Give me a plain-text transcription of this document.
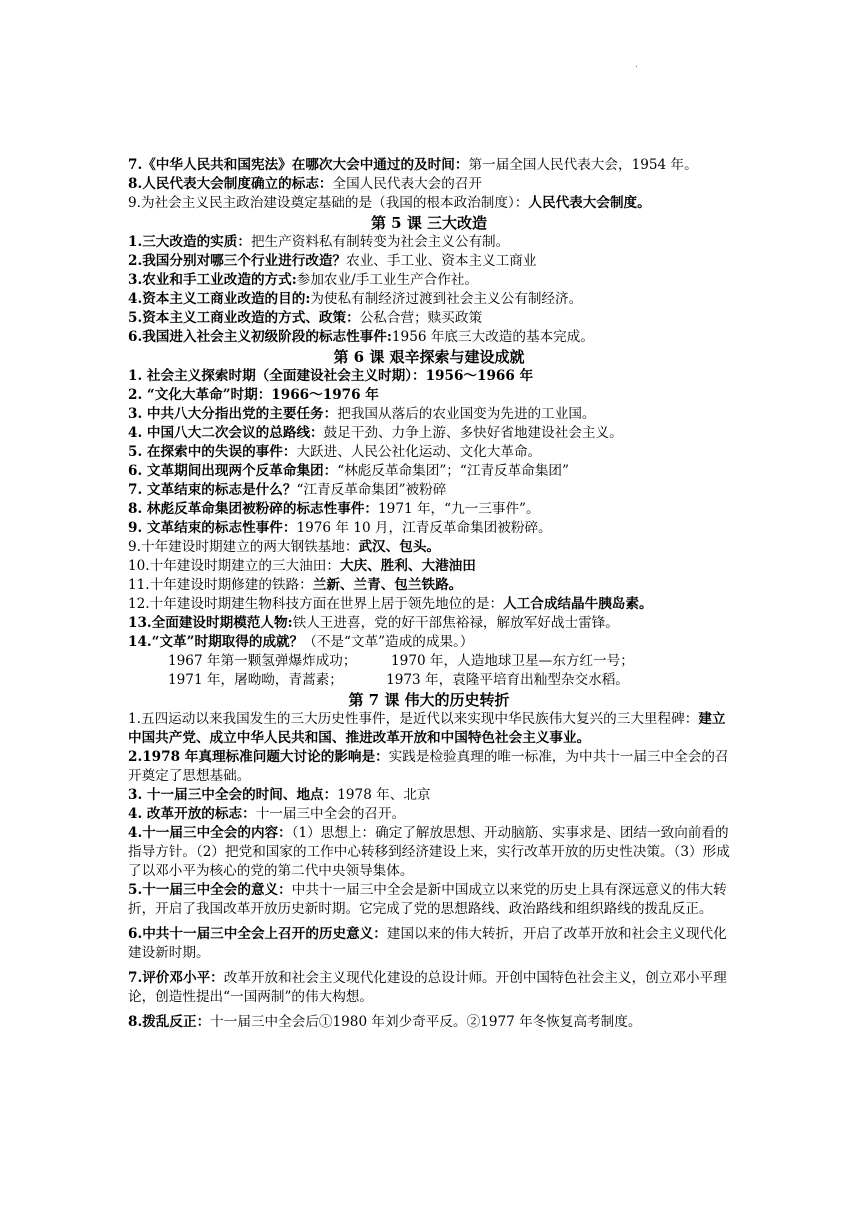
.

7.《中华人民共和国宪法》在哪次大会中通过的及时间：第一届全国人民代表大会，1954 年。

8.人民代表大会制度确立的标志：全国人民代表大会的召开

9.为社会主义民主政治建设奠定基础的是（我国的根本政治制度）：人民代表大会制度。

第 5 课 三大改造

1.三大改造的实质：把生产资料私有制转变为社会主义公有制。

2.我国分别对哪三个行业进行改造？农业、手工业、资本主义工商业

3.农业和手工业改造的方式:参加农业/手工业生产合作社。

4.资本主义工商业改造的目的:为使私有制经济过渡到社会主义公有制经济。

5.资本主义工商业改造的方式、政策：公私合营；赎买政策

6.我国进入社会主义初级阶段的标志性事件:1956 年底三大改造的基本完成。

第 6 课 艰辛探索与建设成就

1. 社会主义探索时期（全面建设社会主义时期）：1956～1966 年

2. “文化大革命”时期：1966～1976 年

3. 中共八大分指出党的主要任务：把我国从落后的农业国变为先进的工业国。

4. 中国八大二次会议的总路线：鼓足干劲、力争上游、多快好省地建设社会主义。

5. 在探索中的失误的事件：大跃进、人民公社化运动、文化大革命。

6. 文革期间出现两个反革命集团：“林彪反革命集团”；“江青反革命集团”

7. 文革结束的标志是什么？“江青反革命集团”被粉碎

8. 林彪反革命集团被粉碎的标志性事件：1971 年，“九一三事件”。

9. 文革结束的标志性事件：1976 年 10 月，江青反革命集团被粉碎。

9.十年建设时期建立的两大钢铁基地：武汉、包头。

10.十年建设时期建立的三大油田：大庆、胜利、大港油田

11.十年建设时期修建的铁路：兰新、兰青、包兰铁路。

12.十年建设时期建生物科技方面在世界上居于领先地位的是：人工合成结晶牛胰岛素。

13.全面建设时期模范人物:铁人王进喜，党的好干部焦裕禄，解放军好战士雷锋。

14.“文革”时期取得的成就？（不是“文革”造成的成果。）

1967 年第一颗氢弹爆炸成功；        1970 年，人造地球卫星—东方红一号；

1971 年，屠呦呦，青蒿素；          1973 年，袁隆平培育出籼型杂交水稻。

第 7 课 伟大的历史转折

1.五四运动以来我国发生的三大历史性事件，是近代以来实现中华民族伟大复兴的三大里程碑：建立中国共产党、成立中华人民共和国、推进改革开放和中国特色社会主义事业。

2.1978 年真理标准问题大讨论的影响是：实践是检验真理的唯一标准，为中共十一届三中全会的召开奠定了思想基础。

3. 十一届三中全会的时间、地点：1978 年、北京

4. 改革开放的标志：十一届三中全会的召开。

4.十一届三中全会的内容：（1）思想上：确定了解放思想、开动脑筋、实事求是、团结一致向前看的指导方针。（2）把党和国家的工作中心转移到经济建设上来，实行改革开放的历史性决策。（3）形成了以邓小平为核心的党的第二代中央领导集体。

5.十一届三中全会的意义：中共十一届三中全会是新中国成立以来党的历史上具有深远意义的伟大转折，开启了我国改革开放历史新时期。它完成了党的思想路线、政治路线和组织路线的拨乱反正。

6.中共十一届三中全会上召开的历史意义：建国以来的伟大转折，开启了改革开放和社会主义现代化建设新时期。

7.评价邓小平：改革开放和社会主义现代化建设的总设计师。开创中国特色社会主义，创立邓小平理论，创造性提出“一国两制”的伟大构想。

8.拨乱反正：十一届三中全会后①1980 年刘少奇平反。②1977 年冬恢复高考制度。
